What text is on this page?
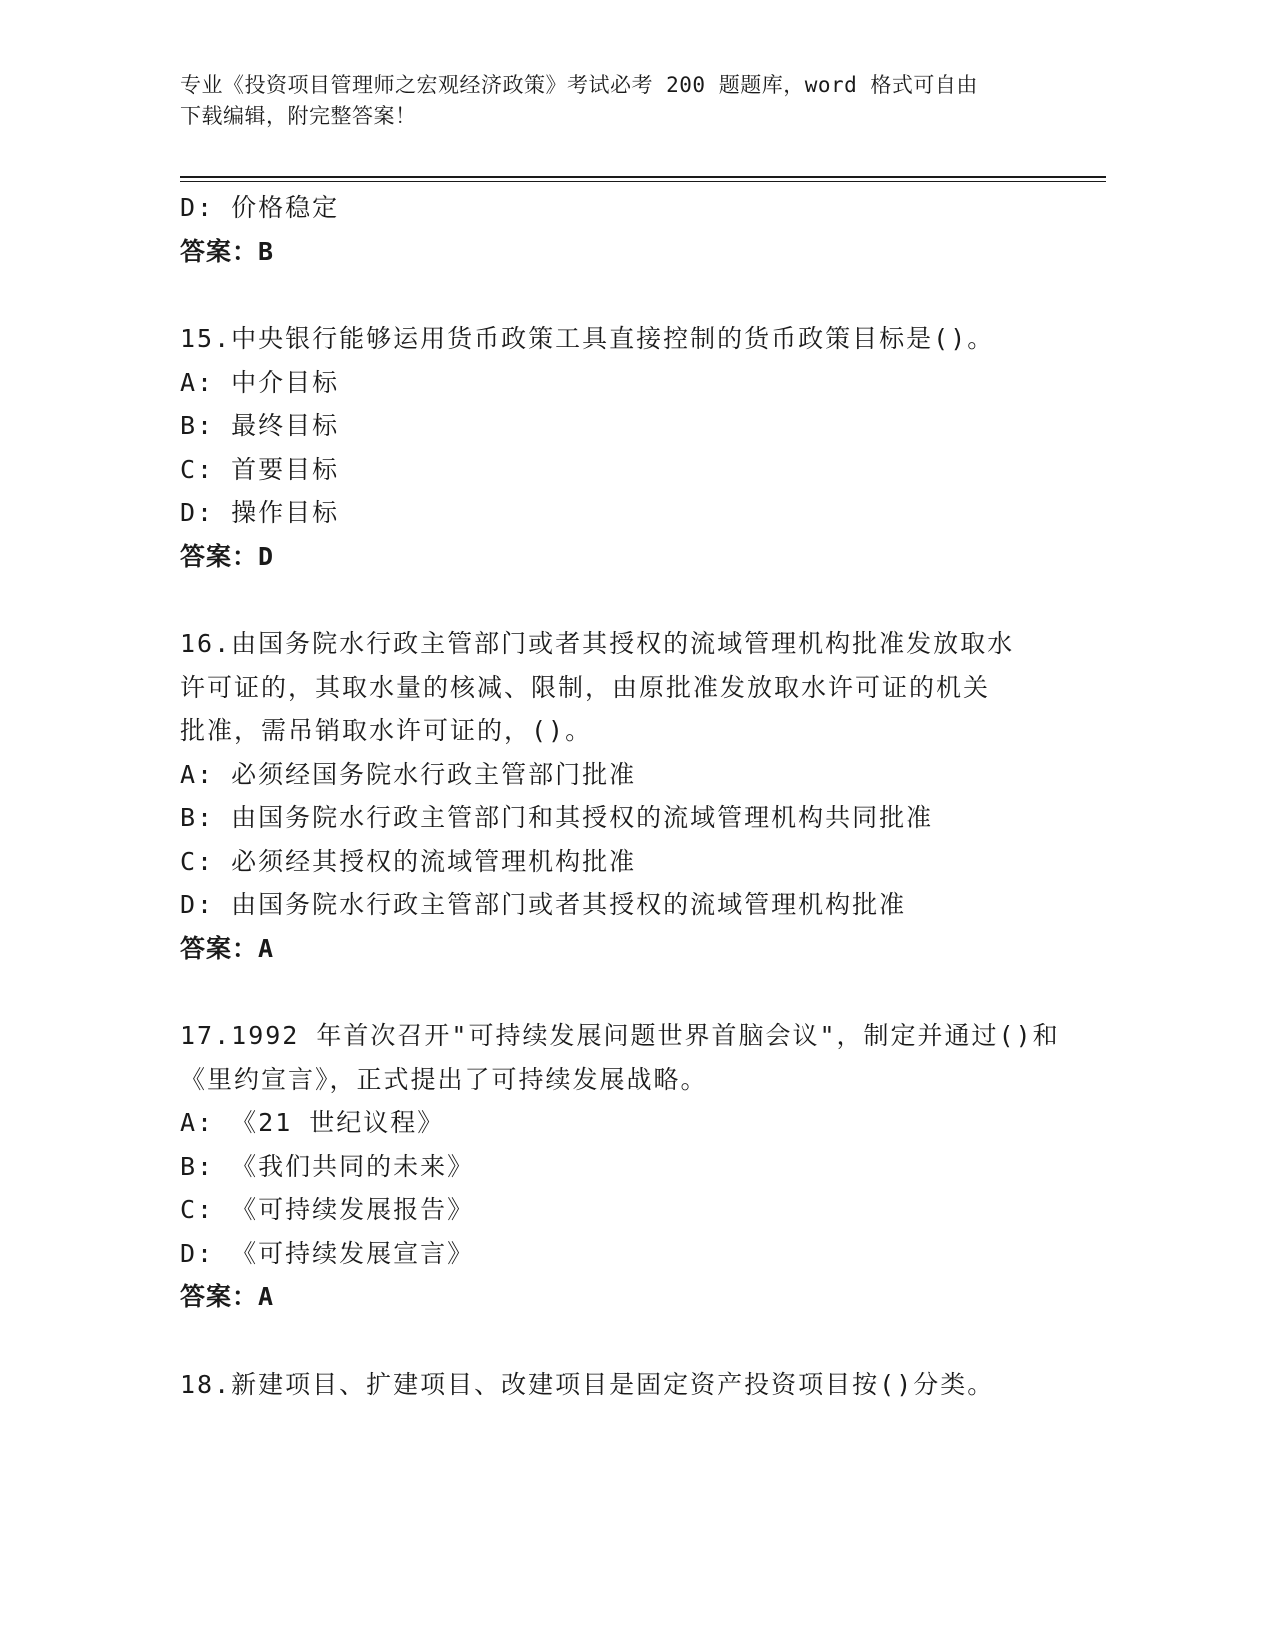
专业《投资项目管理师之宏观经济政策》考试必考 200 题题库，word 格式可自由
下载编辑，附完整答案！
D: 价格稳定
答案：B
15.中央银行能够运用货币政策工具直接控制的货币政策目标是()。
A: 中介目标
B: 最终目标
C: 首要目标
D: 操作目标
答案：D
16.由国务院水行政主管部门或者其授权的流域管理机构批准发放取水
许可证的，其取水量的核减、限制，由原批准发放取水许可证的机关
批准，需吊销取水许可证的，()。
A: 必须经国务院水行政主管部门批准
B: 由国务院水行政主管部门和其授权的流域管理机构共同批准
C: 必须经其授权的流域管理机构批准
D: 由国务院水行政主管部门或者其授权的流域管理机构批准
答案：A
17.1992 年首次召开"可持续发展问题世界首脑会议"，制定并通过()和
《里约宣言》，正式提出了可持续发展战略。
A: 《21 世纪议程》
B: 《我们共同的未来》
C: 《可持续发展报告》
D: 《可持续发展宣言》
答案：A
18.新建项目、扩建项目、改建项目是固定资产投资项目按()分类。
